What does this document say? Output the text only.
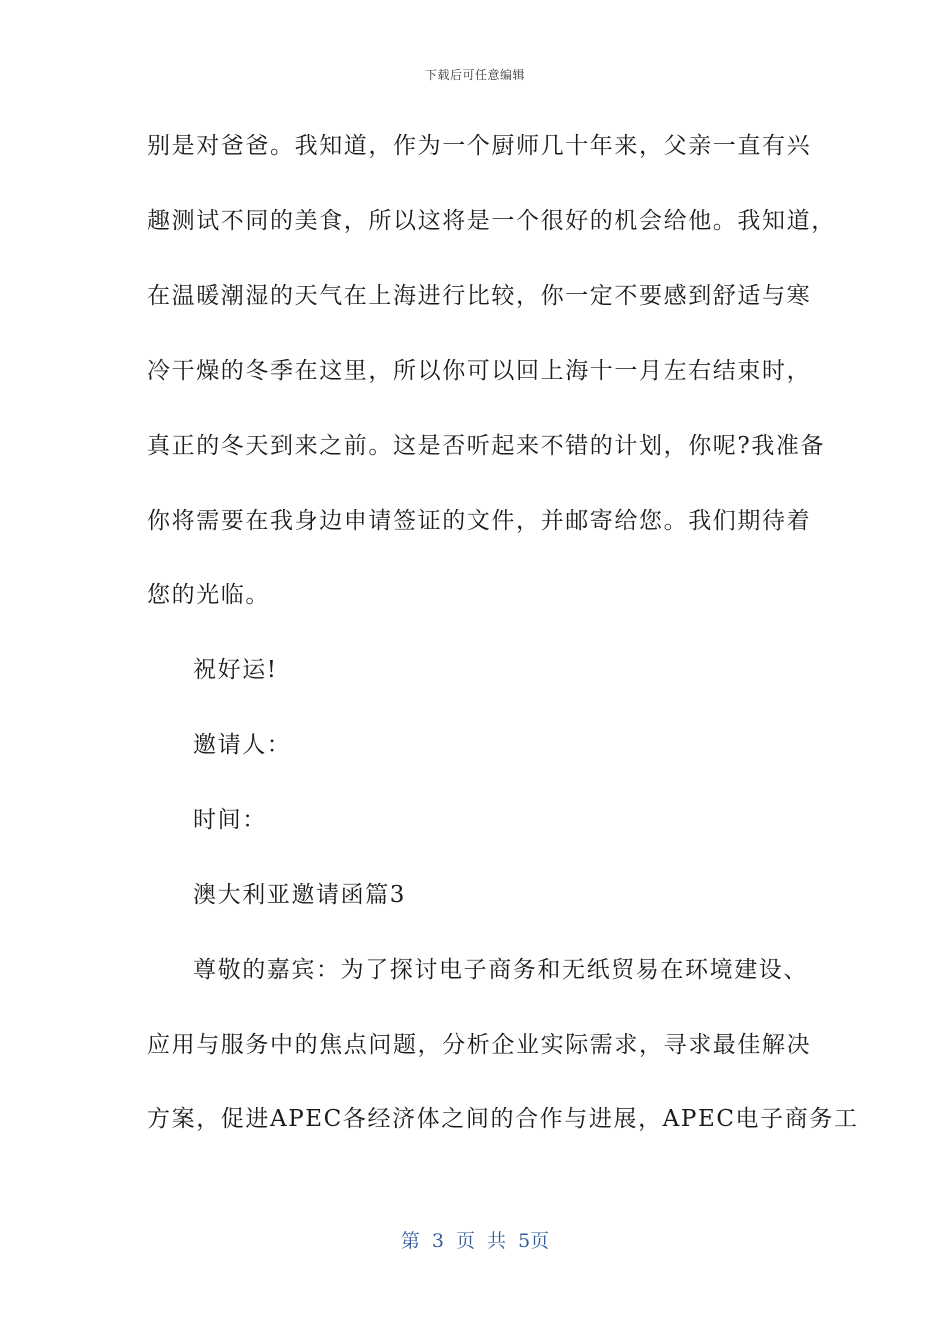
下载后可任意编辑
别是对爸爸。我知道，作为一个厨师几十年来，父亲一直有兴
趣测试不同的美食，所以这将是一个很好的机会给他。我知道，
在温暖潮湿的天气在上海进行比较，你一定不要感到舒适与寒
冷干燥的冬季在这里，所以你可以回上海十一月左右结束时，
真正的冬天到来之前。这是否听起来不错的计划，你呢?我准备
你将需要在我身边申请签证的文件，并邮寄给您。我们期待着
您的光临。
祝好运!
邀请人：
时间：
澳大利亚邀请函篇3
尊敬的嘉宾：为了探讨电子商务和无纸贸易在环境建设、
应用与服务中的焦点问题，分析企业实际需求，寻求最佳解决
方案，促进APEC各经济体之间的合作与进展，APEC电子商务工
第 3 页 共 5页
